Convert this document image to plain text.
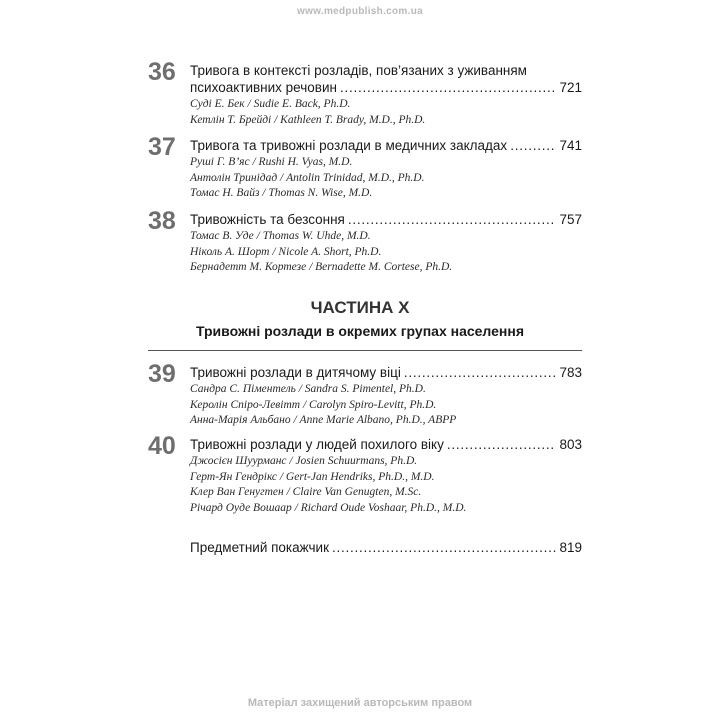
www.medpublish.com.ua
36 Тривога в контексті розладів, пов’язаних з уживанням
психоактивних речовин . . .	721
Суді Е. Бек / Sudie E. Back, Ph.D.
Кетлін Т. Брейді / Kathleen T. Brady, M.D., Ph.D.
37 Тривога та тривожні розлади в медичних закладах . . .	741
Руші Г. В’яс / Rushi H. Vyas, M.D.
Антолін Тринідад / Antolin Trinidad, M.D., Ph.D.
Томас Н. Вайз / Thomas N. Wise, M.D.
38 Тривожність та безсоння . . .	757
Томас В. Уде / Thomas W. Uhde, M.D.
Ніколь А. Шорт / Nicole A. Short, Ph.D.
Бернадетт М. Кортезе / Bernadette M. Cortese, Ph.D.
ЧАСТИНА X
Тривожні розлади в окремих групах населення
39 Тривожні розлади в дитячому віці . . .	783
Сандра С. Піментель / Sandra S. Pimentel, Ph.D.
Керолін Спіро-Левітт / Carolyn Spiro-Levitt, Ph.D.
Анна-Марія Альбано / Anne Marie Albano, Ph.D., ABPP
40 Тривожні розлади у людей похилого віку . . .	803
Джосієн Шуурманс / Josien Schuurmans, Ph.D.
Герт-Ян Гендрікс / Gert-Jan Hendriks, Ph.D., M.D.
Клер Ван Генугтен / Claire Van Genugten, M.Sc.
Річард Оуде Вошаар / Richard Oude Voshaar, Ph.D., M.D.
Предметний покажчик . . .	819
Матеріал захищений авторським правом
